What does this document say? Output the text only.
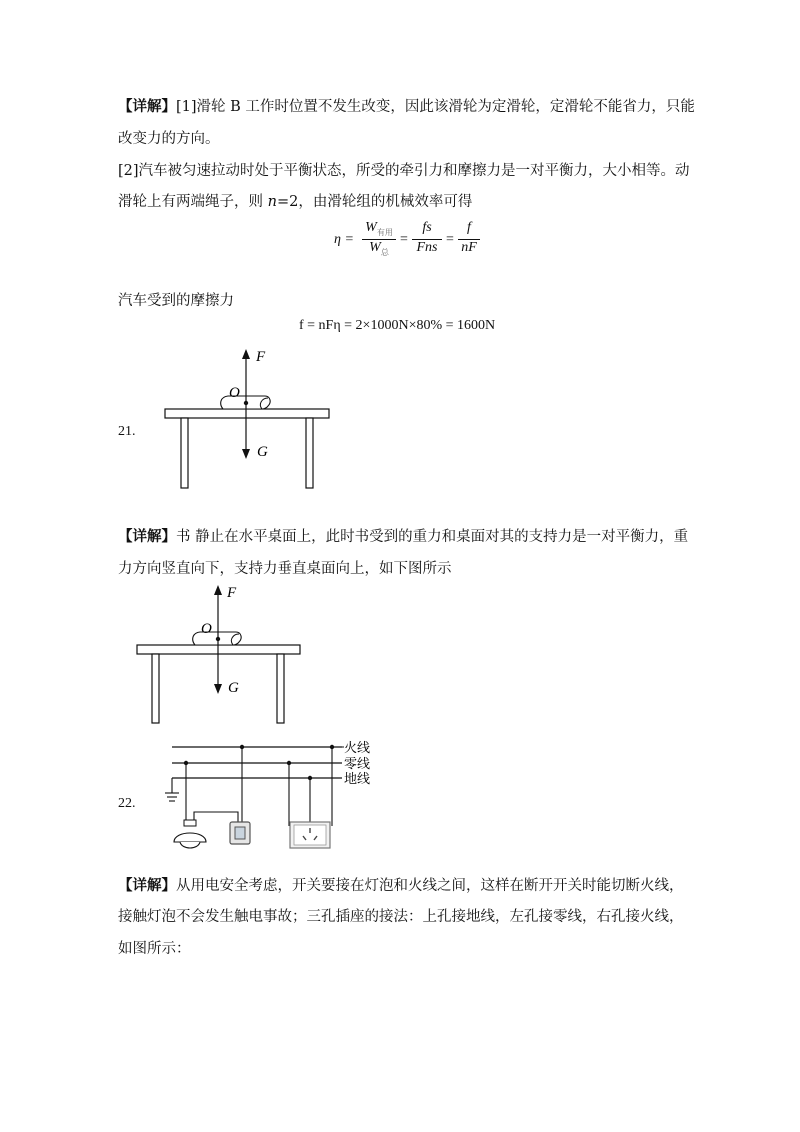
【详解】[1]滑轮 B 工作时位置不发生改变，因此该滑轮为定滑轮，定滑轮不能省力，只能
改变力的方向。
[2]汽车被匀速拉动时处于平衡状态，所受的牵引力和摩擦力是一对平衡力，大小相等。动
滑轮上有两端绳子，则 n=2，由滑轮组的机械效率可得
η =
$W_{有用}$
$W_总$
=
fs
Fns
=
f
nF
汽车受到的摩擦力
f = nFη = 2×1000N×80% = 1600N
21.
F
O
G
【详解】书 静止在水平桌面上，此时书受到的重力和桌面对其的支持力是一对平衡力，重
力方向竖直向下，支持力垂直桌面向上，如下图所示
F
O
G
22.
火线
零线
地线
【详解】从用电安全考虑，开关要接在灯泡和火线之间，这样在断开开关时能切断火线，
接触灯泡不会发生触电事故；三孔插座的接法：上孔接地线，左孔接零线，右孔接火线，
如图所示：
